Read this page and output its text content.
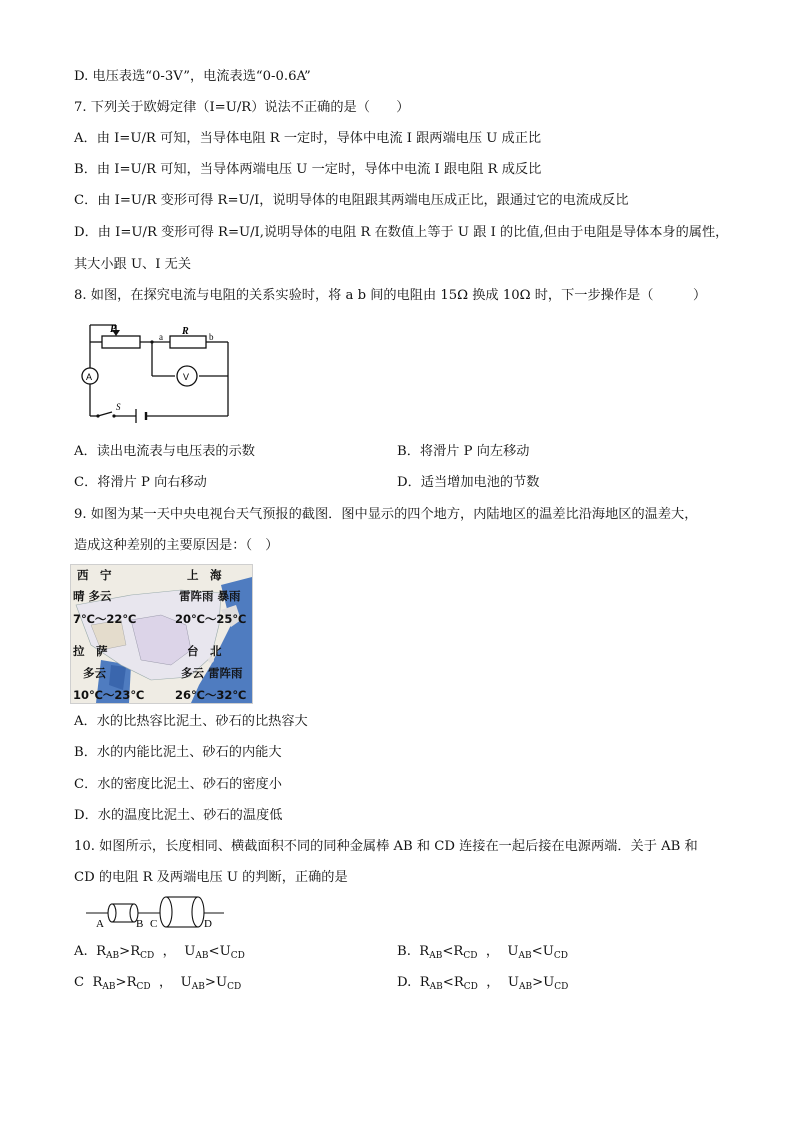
D. 电压表选“0-3V”，电流表选“0-0.6A”
7. 下列关于欧姆定律（I=U/R）说法不正确的是（　　）
A．由 I=U/R 可知，当导体电阻 R 一定时，导体中电流 I 跟两端电压 U 成正比
B．由 I=U/R 可知，当导体两端电压 U 一定时，导体中电流 I 跟电阻 R 成反比
C．由 I=U/R 变形可得 R=U/I，说明导体的电阻跟其两端电压成正比，跟通过它的电流成反比
D．由 I=U/R 变形可得 R=U/I,说明导体的电阻 R 在数值上等于 U 跟 I 的比值,但由于电阻是导体本身的属性，
其大小跟 U、I 无关
8. 如图，在探究电流与电阻的关系实验时，将 a b 间的电阻由 15Ω 换成 10Ω 时，下一步操作是（　　　）
P	R
a	b
A	V
S
A．读出电流表与电压表的示数	B．将滑片 P 向左移动
C．将滑片 P 向右移动	D．适当增加电池的节数
9. 如图为某一天中央电视台天气预报的截图．图中显示的四个地方，内陆地区的温差比沿海地区的温差大，
造成这种差别的主要原因是：（　）
西　宁	上　海
晴 多云	雷阵雨 暴雨
7℃～22℃	20℃～25℃
拉　萨	台　北
多云	多云 雷阵雨
10℃～23℃	26℃～32℃
A．水的比热容比泥土、砂石的比热容大
B．水的内能比泥土、砂石的内能大
C．水的密度比泥土、砂石的密度小
D．水的温度比泥土、砂石的温度低
10. 如图所示，长度相同、横截面积不同的同种金属棒 AB 和 CD 连接在一起后接在电源两端．关于 AB 和
CD 的电阻 R 及两端电压 U 的判断，正确的是
A	B C	D
A. $R_{AB}>R_{CD}$ ， $U_{AB}<U_{CD}$	B. $R_{AB}<R_{CD}$ ， $U_{AB}<U_{CD}$
C $R_{AB}>R_{CD}$ ， $U_{AB}>U_{CD}$	D. $R_{AB}<R_{CD}$ ， $U_{AB}>U_{CD}$
